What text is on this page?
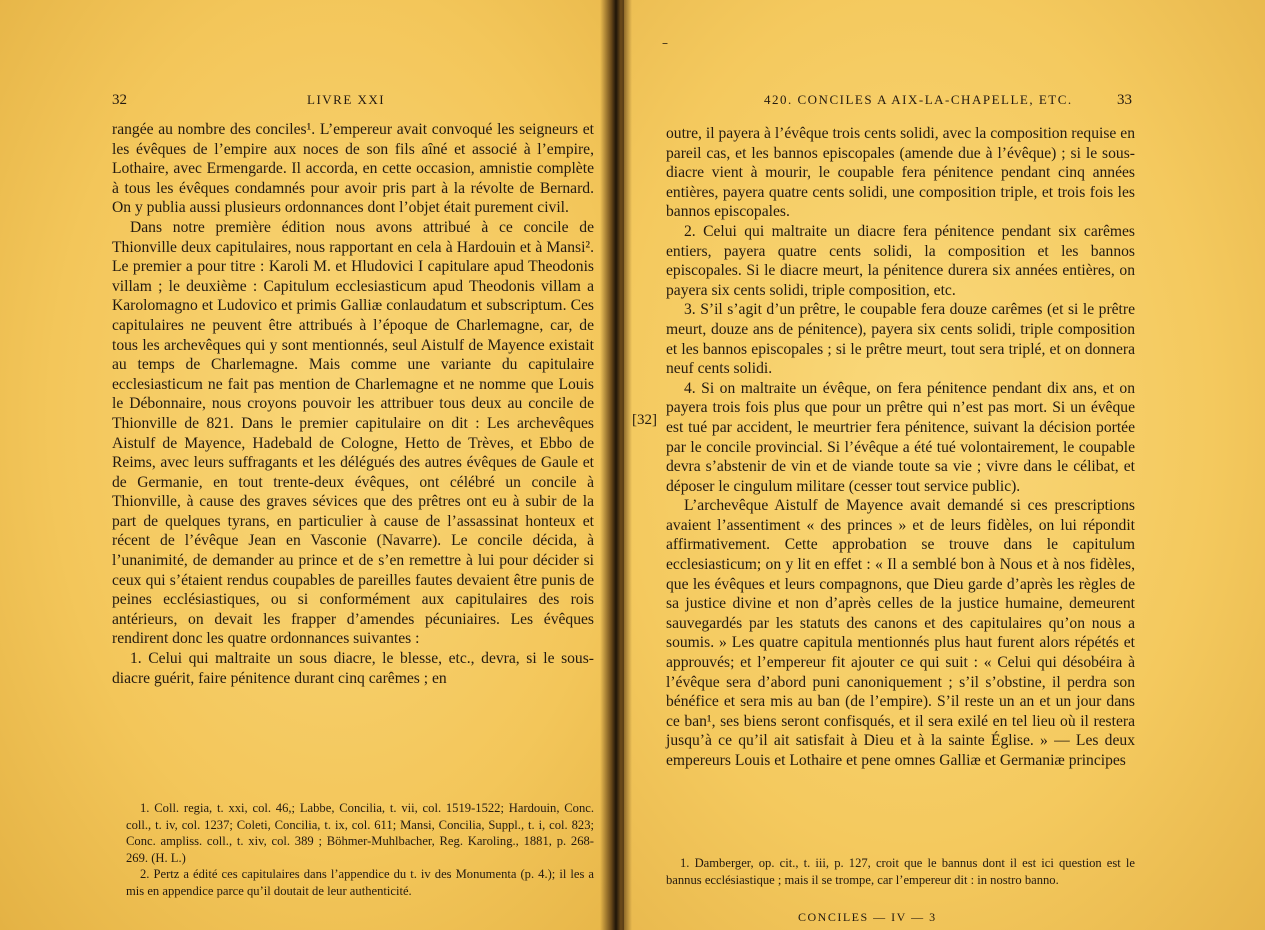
32	LIVRE XXI

rangée au nombre des conciles¹. L’empereur avait convoqué les seigneurs et les évêques de l’empire aux noces de son fils aîné et associé à l’empire, Lothaire, avec Ermengarde. Il accorda, en cette occasion, amnistie complète à tous les évêques condamnés pour avoir pris part à la révolte de Bernard. On y publia aussi plusieurs ordonnances dont l’objet était purement civil.

Dans notre première édition nous avons attribué à ce concile de Thionville deux capitulaires, nous rapportant en cela à Hardouin et à Mansi². Le premier a pour titre : Karoli M. et Hludovici I capitulare apud Theodonis villam ; le deuxième : Capitulum ecclesiasticum apud Theodonis villam a Karolomagno et Ludovico et primis Galliæ conlaudatum et subscriptum. Ces capitulaires ne peuvent être attribués à l’époque de Charlemagne, car, de tous les archevêques qui y sont mentionnés, seul Aistulf de Mayence existait au temps de Charlemagne. Mais comme une variante du capitulaire ecclesiasticum ne fait pas mention de Charlemagne et ne nomme que Louis le Débonnaire, nous croyons pouvoir les attribuer tous deux au concile de Thionville de 821. Dans le premier capitulaire on dit : Les archevêques Aistulf de Mayence, Hadebald de Cologne, Hetto de Trèves, et Ebbo de Reims, avec leurs suffragants et les délégués des autres évêques de Gaule et de Germanie, en tout trente-deux évêques, ont célébré un concile à Thionville, à cause des graves sévices que des prêtres ont eu à subir de la part de quelques tyrans, en particulier à cause de l’assassinat honteux et récent de l’évêque Jean en Vasconie (Navarre). Le concile décida, à l’unanimité, de demander au prince et de s’en remettre à lui pour décider si ceux qui s’étaient rendus coupables de pareilles fautes devaient être punis de peines ecclésiastiques, ou si conformément aux capitulaires des rois antérieurs, on devait les frapper d’amendes pécuniaires. Les évêques rendirent donc les quatre ordonnances suivantes :

1. Celui qui maltraite un sous diacre, le blesse, etc., devra, si le sous-diacre guérit, faire pénitence durant cinq carêmes ; en

1. Coll. regia, t. xxi, col. 46,; Labbe, Concilia, t. vii, col. 1519-1522; Hardouin, Conc. coll., t. iv, col. 1237; Coleti, Concilia, t. ix, col. 611; Mansi, Concilia, Suppl., t. i, col. 823; Conc. ampliss. coll., t. xiv, col. 389 ; Böhmer-Muhlbacher, Reg. Karoling., 1881, p. 268-269. (H. L.)

2. Pertz a édité ces capitulaires dans l’appendice du t. iv des Monumenta (p. 4.); il les a mis en appendice parce qu’il doutait de leur authenticité.

–
420. CONCILES A AIX-LA-CHAPELLE, ETC.	33
[32]

outre, il payera à l’évêque trois cents solidi, avec la composition requise en pareil cas, et les bannos episcopales (amende due à l’évêque) ; si le sous-diacre vient à mourir, le coupable fera pénitence pendant cinq années entières, payera quatre cents solidi, une composition triple, et trois fois les bannos episcopales.

2. Celui qui maltraite un diacre fera pénitence pendant six carêmes entiers, payera quatre cents solidi, la composition et les bannos episcopales. Si le diacre meurt, la pénitence durera six années entières, on payera six cents solidi, triple composition, etc.

3. S’il s’agit d’un prêtre, le coupable fera douze carêmes (et si le prêtre meurt, douze ans de pénitence), payera six cents solidi, triple composition et les bannos episcopales ; si le prêtre meurt, tout sera triplé, et on donnera neuf cents solidi.

4. Si on maltraite un évêque, on fera pénitence pendant dix ans, et on payera trois fois plus que pour un prêtre qui n’est pas mort. Si un évêque est tué par accident, le meurtrier fera pénitence, suivant la décision portée par le concile provincial. Si l’évêque a été tué volontairement, le coupable devra s’abstenir de vin et de viande toute sa vie ; vivre dans le célibat, et déposer le cingulum militare (cesser tout service public).

L’archevêque Aistulf de Mayence avait demandé si ces prescriptions avaient l’assentiment « des princes » et de leurs fidèles, on lui répondit affirmativement. Cette approbation se trouve dans le capitulum ecclesiasticum; on y lit en effet : « Il a semblé bon à Nous et à nos fidèles, que les évêques et leurs compagnons, que Dieu garde d’après les règles de sa justice divine et non d’après celles de la justice humaine, demeurent sauvegardés par les statuts des canons et des capitulaires qu’on nous a soumis. » Les quatre capitula mentionnés plus haut furent alors répétés et approuvés; et l’empereur fit ajouter ce qui suit : « Celui qui désobéira à l’évêque sera d’abord puni canoniquement ; s’il s’obstine, il perdra son bénéfice et sera mis au ban (de l’empire). S’il reste un an et un jour dans ce ban¹, ses biens seront confisqués, et il sera exilé en tel lieu où il restera jusqu’à ce qu’il ait satisfait à Dieu et à la sainte Église. » — Les deux empereurs Louis et Lothaire et pene omnes Galliæ et Germaniæ principes

1. Damberger, op. cit., t. iii, p. 127, croit que le bannus dont il est ici question est le bannus ecclésiastique ; mais il se trompe, car l’empereur dit : in nostro banno.

CONCILES — IV — 3
